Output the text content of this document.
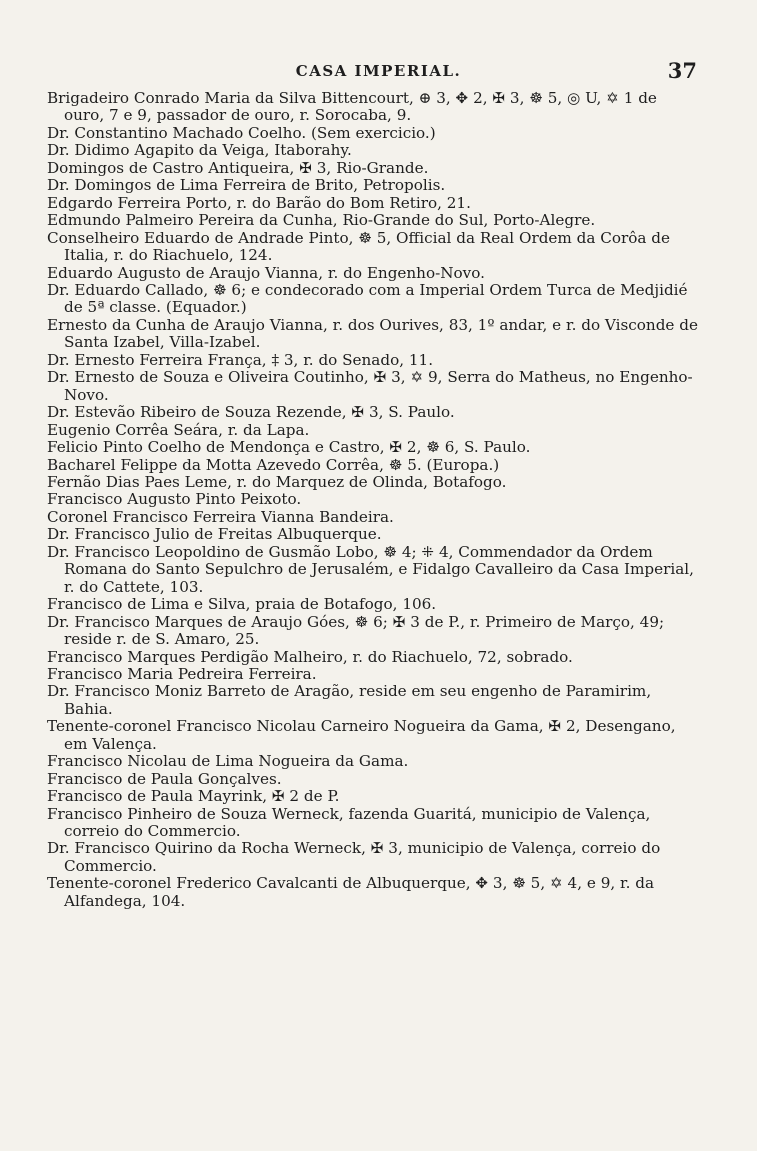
CASA IMPERIAL.	37

Brigadeiro Conrado Maria da Silva Bittencourt, ⊕ 3, ✥ 2, ✠ 3, ☸ 5, ◎ U, ✡ 1 de ouro, 7 e 9, passador de ouro, r. Sorocaba, 9.

Dr. Constantino Machado Coelho. (Sem exercicio.)

Dr. Didimo Agapito da Veiga, Itaborahy.

Domingos de Castro Antiqueira, ✠ 3, Rio-Grande.

Dr. Domingos de Lima Ferreira de Brito, Petropolis.

Edgardo Ferreira Porto, r. do Barão do Bom Retiro, 21.

Edmundo Palmeiro Pereira da Cunha, Rio-Grande do Sul, Porto-Alegre.

Conselheiro Eduardo de Andrade Pinto, ☸ 5, Official da Real Ordem da Corôa de Italia, r. do Riachuelo, 124.

Eduardo Augusto de Araujo Vianna, r. do Engenho-Novo.

Dr. Eduardo Callado, ☸ 6; e condecorado com a Imperial Ordem Turca de Medjidié de 5ª classe. (Equador.)

Ernesto da Cunha de Araujo Vianna, r. dos Ourives, 83, 1º andar, e r. do Visconde de Santa Izabel, Villa-Izabel.

Dr. Ernesto Ferreira França, ‡ 3, r. do Senado, 11.

Dr. Ernesto de Souza e Oliveira Coutinho, ✠ 3, ✡ 9, Serra do Matheus, no Engenho-Novo.

Dr. Estevão Ribeiro de Souza Rezende, ✠ 3, S. Paulo.

Eugenio Corrêa Seára, r. da Lapa.

Felicio Pinto Coelho de Mendonça e Castro, ✠ 2, ☸ 6, S. Paulo.

Bacharel Felippe da Motta Azevedo Corrêa, ☸ 5. (Europa.)

Fernão Dias Paes Leme, r. do Marquez de Olinda, Botafogo.

Francisco Augusto Pinto Peixoto.

Coronel Francisco Ferreira Vianna Bandeira.

Dr. Francisco Julio de Freitas Albuquerque.

Dr. Francisco Leopoldino de Gusmão Lobo, ☸ 4; ⁜ 4, Commendador da Ordem Romana do Santo Sepulchro de Jerusalém, e Fidalgo Cavalleiro da Casa Imperial, r. do Cattete, 103.

Francisco de Lima e Silva, praia de Botafogo, 106.

Dr. Francisco Marques de Araujo Góes, ☸ 6; ✠ 3 de P., r. Primeiro de Março, 49; reside r. de S. Amaro, 25.

Francisco Marques Perdigão Malheiro, r. do Riachuelo, 72, sobrado.

Francisco Maria Pedreira Ferreira.

Dr. Francisco Moniz Barreto de Aragão, reside em seu engenho de Paramirim, Bahia.

Tenente-coronel Francisco Nicolau Carneiro Nogueira da Gama, ✠ 2, Desengano, em Valença.

Francisco Nicolau de Lima Nogueira da Gama.

Francisco de Paula Gonçalves.

Francisco de Paula Mayrink, ✠ 2 de P.

Francisco Pinheiro de Souza Werneck, fazenda Guaritá, municipio de Valença, correio do Commercio.

Dr. Francisco Quirino da Rocha Werneck, ✠ 3, municipio de Valença, correio do Commercio.

Tenente-coronel Frederico Cavalcanti de Albuquerque, ✥ 3, ☸ 5, ✡ 4, e 9, r. da Alfandega, 104.
